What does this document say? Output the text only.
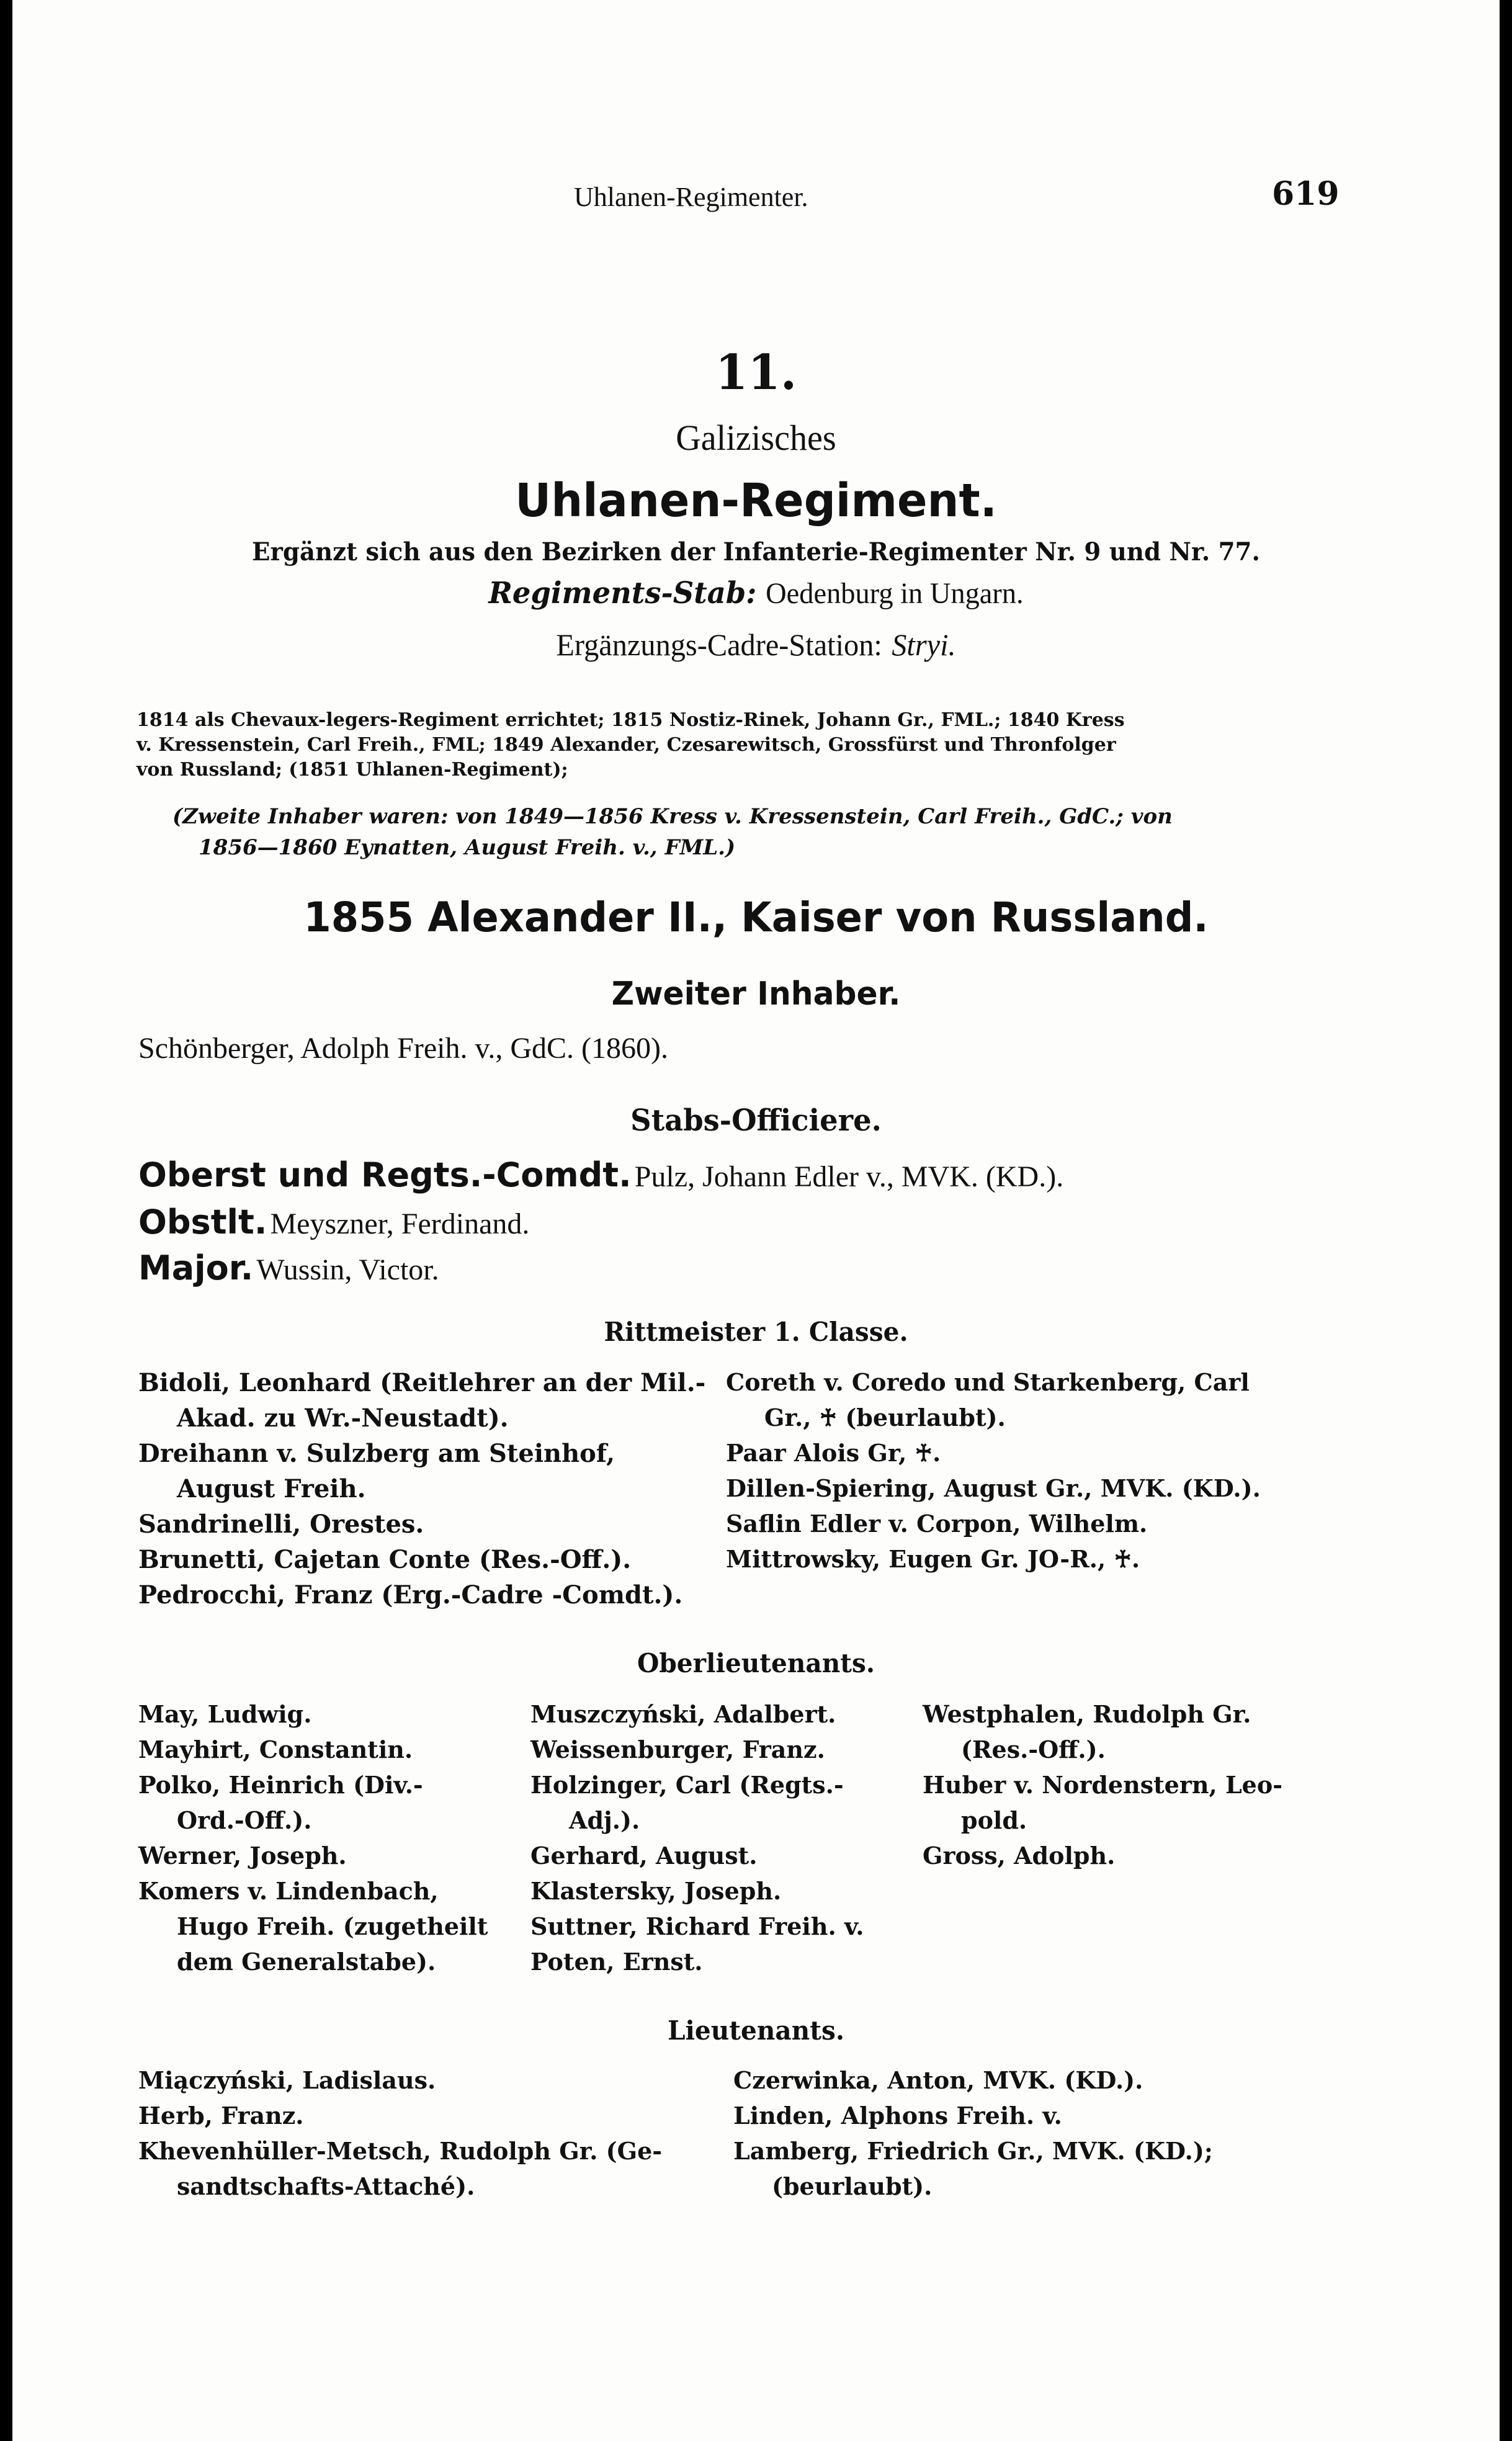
Uhlanen-Regimenter.	619
11.
Galizisches
Uhlanen-Regiment.
Ergänzt sich aus den Bezirken der Infanterie-Regimenter Nr. 9 und Nr. 77.
Regiments-Stab: Oedenburg in Ungarn.
Ergänzungs-Cadre-Station: Stryi.
1814 als Chevaux-legers-Regiment errichtet; 1815 Nostiz-Rinek, Johann Gr., FML.; 1840 Kress
v. Kressenstein, Carl Freih., FML; 1849 Alexander, Czesarewitsch, Grossfürst und Thronfolger
von Russland; (1851 Uhlanen-Regiment);
(Zweite Inhaber waren: von 1849—1856 Kress v. Kressenstein, Carl Freih., GdC.; von
1856—1860 Eynatten, August Freih. v., FML.)
1855 Alexander II., Kaiser von Russland.
Zweiter Inhaber.
Schönberger, Adolph Freih. v., GdC. (1860).
Stabs-Officiere.
Oberst und Regts.-Comdt. Pulz, Johann Edler v., MVK. (KD.).
Obstlt. Meyszner, Ferdinand.
Major. Wussin, Victor.
Rittmeister 1. Classe.
Bidoli, Leonhard (Reitlehrer an der Mil.-
Akad. zu Wr.-Neustadt).
Dreihann v. Sulzberg am Steinhof,
August Freih.
Sandrinelli, Orestes.
Brunetti, Cajetan Conte (Res.-Off.).
Pedrocchi, Franz (Erg.-Cadre -Comdt.).
Coreth v. Coredo und Starkenberg, Carl
Gr., ♰ (beurlaubt).
Paar Alois Gr, ♰.
Dillen-Spiering, August Gr., MVK. (KD.).
Saflin Edler v. Corpon, Wilhelm.
Mittrowsky, Eugen Gr. JO-R., ♰.
Oberlieutenants.
May, Ludwig.
Mayhirt, Constantin.
Polko, Heinrich (Div.-
Ord.-Off.).
Werner, Joseph.
Komers v. Lindenbach,
Hugo Freih. (zugetheilt
dem Generalstabe).
Muszczyński, Adalbert.
Weissenburger, Franz.
Holzinger, Carl (Regts.-
Adj.).
Gerhard, August.
Klastersky, Joseph.
Suttner, Richard Freih. v.
Poten, Ernst.
Westphalen, Rudolph Gr.
(Res.-Off.).
Huber v. Nordenstern, Leo-
pold.
Gross, Adolph.
Lieutenants.
Miączyński, Ladislaus.
Herb, Franz.
Khevenhüller-Metsch, Rudolph Gr. (Ge-
sandtschafts-Attaché).
Czerwinka, Anton, MVK. (KD.).
Linden, Alphons Freih. v.
Lamberg, Friedrich Gr., MVK. (KD.);
(beurlaubt).
